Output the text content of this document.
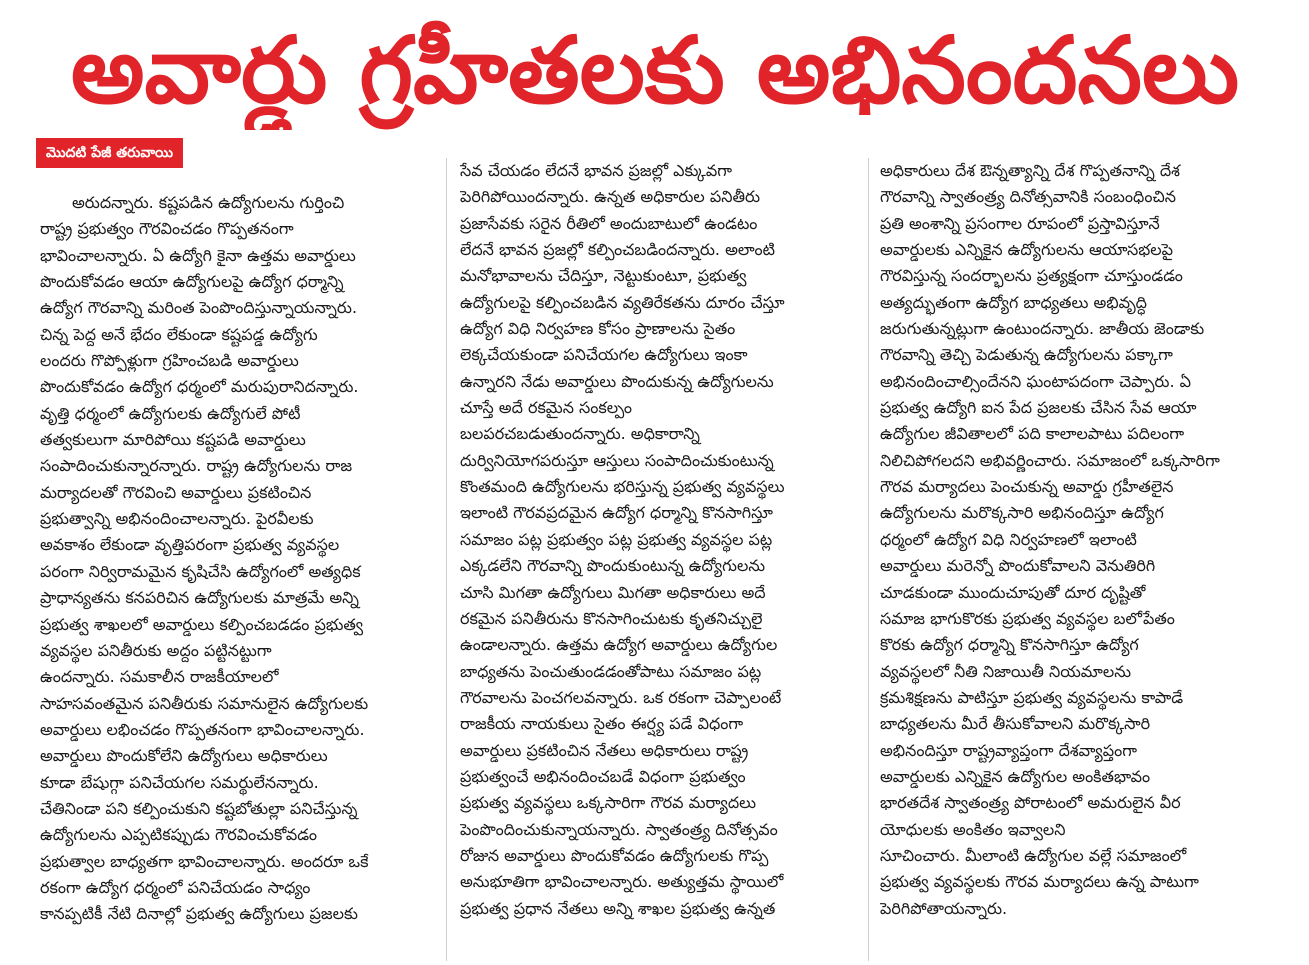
అవార్డు గ్రహీతలకు అభినందనలు
మొదటి పేజీ తరువాయి
అరుదన్నారు. కష్టపడిన ఉద్యోగులను గుర్తించి
రాష్ట్ర ప్రభుత్వం గౌరవించడం గొప్పతనంగా
భావించాలన్నారు. ఏ ఉద్యోగి కైనా ఉత్తమ అవార్డులు
పొందుకోవడం ఆయా ఉద్యోగులపై ఉద్యోగ ధర్మాన్ని
ఉద్యోగ గౌరవాన్ని మరింత పెంపొందిస్తున్నాయన్నారు.
చిన్న పెద్ద అనే భేదం లేకుండా కష్టపడ్డ ఉద్యోగు
లందరు గొప్పోళ్లుగా గ్రహించబడి అవార్డులు
పొందుకోవడం ఉద్యోగ ధర్మంలో మరుపురానిదన్నారు.
వృత్తి ధర్మంలో ఉద్యోగులకు ఉద్యోగులే పోటీ
తత్వకులుగా మారిపోయి కష్టపడి అవార్డులు
సంపాదించుకున్నారన్నారు. రాష్ట్ర ఉద్యోగులను రాజ
మర్యాదలతో గౌరవించి అవార్డులు ప్రకటించిన
ప్రభుత్వాన్ని అభినందించాలన్నారు. పైరవీలకు
అవకాశం లేకుండా వృత్తిపరంగా ప్రభుత్వ వ్యవస్థల
పరంగా నిర్విరామమైన కృషిచేసి ఉద్యోగంలో అత్యధిక
ప్రాధాన్యతను కనపరిచిన ఉద్యోగులకు మాత్రమే అన్ని
ప్రభుత్వ శాఖలలో అవార్డులు కల్పించబడడం ప్రభుత్వ
వ్యవస్థల పనితీరుకు అద్దం పట్టినట్టుగా
ఉందన్నారు. సమకాలీన రాజకీయాలలో
సాహసవంతమైన పనితీరుకు సమానులైన ఉద్యోగులకు
అవార్డులు లభించడం గొప్పతనంగా భావించాలన్నారు.
అవార్డులు పొందుకోలేని ఉద్యోగులు అధికారులు
కూడా బేషుగ్గా పనిచేయగల సమర్థులేనన్నారు.
చేతినిండా పని కల్పించుకుని కష్టబోతుల్లా పనిచేస్తున్న
ఉద్యోగులను ఎప్పటికప్పుడు గౌరవించుకోవడం
ప్రభుత్వాల బాధ్యతగా భావించాలన్నారు. అందరూ ఒకే
రకంగా ఉద్యోగ ధర్మంలో పనిచేయడం సాధ్యం
కానప్పటికీ నేటి దినాల్లో ప్రభుత్వ ఉద్యోగులు ప్రజలకు
సేవ చేయడం లేదనే భావన ప్రజల్లో ఎక్కువగా
పెరిగిపోయిందన్నారు. ఉన్నత అధికారుల పనితీరు
ప్రజాసేవకు సరైన రీతిలో అందుబాటులో ఉండటం
లేదనే భావన ప్రజల్లో కల్పించబడిందన్నారు. అలాంటి
మనోభావాలను చేదిస్తూ, నెట్టుకుంటూ, ప్రభుత్వ
ఉద్యోగులపై కల్పించబడిన వ్యతిరేకతను దూరం చేస్తూ
ఉద్యోగ విధి నిర్వహణ కోసం ప్రాణాలను సైతం
లెక్కచేయకుండా పనిచేయగల ఉద్యోగులు ఇంకా
ఉన్నారని నేడు అవార్డులు పొందుకున్న ఉద్యోగులను
చూస్తే అదే రకమైన సంకల్పం
బలపరచబడుతుందన్నారు. అధికారాన్ని
దుర్వినియోగపరుస్తూ ఆస్తులు సంపాదించుకుంటున్న
కొంతమంది ఉద్యోగులను భరిస్తున్న ప్రభుత్వ వ్యవస్థలు
ఇలాంటి గౌరవప్రదమైన ఉద్యోగ ధర్మాన్ని కొనసాగిస్తూ
సమాజం పట్ల ప్రభుత్వం పట్ల ప్రభుత్వ వ్యవస్థల పట్ల
ఎక్కడలేని గౌరవాన్ని పొందుకుంటున్న ఉద్యోగులను
చూసి మిగతా ఉద్యోగులు మిగతా అధికారులు అదే
రకమైన పనితీరును కొనసాగించుటకు కృతనిచ్చులై
ఉండాలన్నారు. ఉత్తమ ఉద్యోగ అవార్డులు ఉద్యోగుల
బాధ్యతను పెంచుతుండడంతోపాటు సమాజం పట్ల
గౌరవాలను పెంచగలవన్నారు. ఒక రకంగా చెప్పాలంటే
రాజకీయ నాయకులు సైతం ఈర్ష్య పడే విధంగా
అవార్డులు ప్రకటించిన నేతలు అధికారులు రాష్ట్ర
ప్రభుత్వంచే అభినందించబడే విధంగా ప్రభుత్వం
ప్రభుత్వ వ్యవస్థలు ఒక్కసారిగా గౌరవ మర్యాదలు
పెంపొందించుకున్నాయన్నారు. స్వాతంత్ర్య దినోత్సవం
రోజున అవార్డులు పొందుకోవడం ఉద్యోగులకు గొప్ప
అనుభూతిగా భావించాలన్నారు. అత్యుత్తమ స్థాయిలో
ప్రభుత్వ ప్రధాన నేతలు అన్ని శాఖల ప్రభుత్వ ఉన్నత
అధికారులు దేశ ఔన్నత్యాన్ని దేశ గొప్పతనాన్ని దేశ
గౌరవాన్ని స్వాతంత్ర్య దినోత్సవానికి సంబంధించిన
ప్రతి అంశాన్ని ప్రసంగాల రూపంలో ప్రస్తావిస్తూనే
అవార్డులకు ఎన్నికైన ఉద్యోగులను ఆయాసభలపై
గౌరవిస్తున్న సందర్భాలను ప్రత్యక్షంగా చూస్తుండడం
అత్యద్భుతంగా ఉద్యోగ బాధ్యతలు అభివృద్ధి
జరుగుతున్నట్లుగా ఉంటుందన్నారు. జాతీయ జెండాకు
గౌరవాన్ని తెచ్చి పెడుతున్న ఉద్యోగులను పక్కాగా
అభినందించాల్సిందేనని ఘంటాపదంగా చెప్పారు. ఏ
ప్రభుత్వ ఉద్యోగి ఐన పేద ప్రజలకు చేసిన సేవ ఆయా
ఉద్యోగుల జీవితాలలో పది కాలాలపాటు పదిలంగా
నిలిచిపోగలదని అభివర్ణించారు. సమాజంలో ఒక్కసారిగా
గౌరవ మర్యాదలు పెంచుకున్న అవార్డు గ్రహీతలైన
ఉద్యోగులను మరొక్కసారి అభినందిస్తూ ఉద్యోగ
ధర్మంలో ఉద్యోగ విధి నిర్వహణలో ఇలాంటి
అవార్డులు మరెన్నో పొందుకోవాలని వెనుతిరిగి
చూడకుండా ముందుచూపుతో దూర దృష్టితో
సమాజ భాగుకొరకు ప్రభుత్వ వ్యవస్థల బలోపేతం
కొరకు ఉద్యోగ ధర్మాన్ని కొనసాగిస్తూ ఉద్యోగ
వ్యవస్థలలో నీతి నిజాయితీ నియమాలను
క్రమశిక్షణను పాటిస్తూ ప్రభుత్వ వ్యవస్థలను కాపాడే
బాధ్యతలను మీరే తీసుకోవాలని మరొక్కసారి
అభినందిస్తూ రాష్ట్రవ్యాప్తంగా దేశవ్యాప్తంగా
అవార్డులకు ఎన్నికైన ఉద్యోగుల అంకితభావం
భారతదేశ స్వాతంత్ర్య పోరాటంలో అమరులైన వీర
యోధులకు అంకితం ఇవ్వాలని
సూచించారు. మీలాంటి ఉద్యోగుల వల్లే సమాజంలో
ప్రభుత్వ వ్యవస్థలకు గౌరవ మర్యాదలు ఉన్న పాటుగా
పెరిగిపోతాయన్నారు.
